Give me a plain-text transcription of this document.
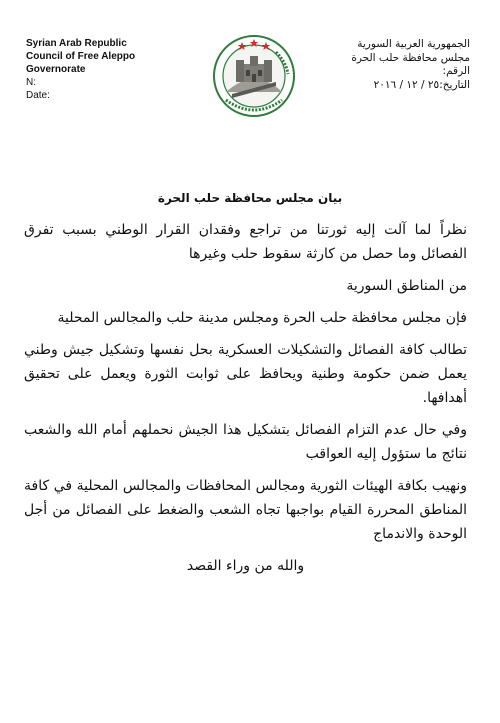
Syrian Arab Republic
Council of Free Aleppo
Governorate
N:
Date:
الجمهورية العربية السورية
مجلس محافظة حلب الحرة
الرقم:
التاريخ:٢٥ / ١٢ / ٢٠١٦
بيان مجلس محافظة حلب الحرة

نظراً لما آلت إليه ثورتنا من تراجع وفقدان القرار الوطني بسبب تفرق الفصائل وما حصل من كارثة سقوط حلب وغيرها

من المناطق السورية

فإن مجلس محافظة حلب الحرة ومجلس مدينة حلب والمجالس المحلية

تطالب كافة الفصائل والتشكيلات العسكرية بحل نفسها وتشكيل جيش وطني يعمل ضمن حكومة وطنية ويحافظ على ثوابت الثورة ويعمل على تحقيق أهدافها.

وفي حال عدم التزام الفصائل بتشكيل هذا الجيش نحملهم أمام الله والشعب نتائج ما ستؤول إليه العواقب

ونهيب بكافة الهيئات الثورية ومجالس المحافظات والمجالس المحلية في كافة المناطق المحررة القيام بواجبها تجاه الشعب والضغط على الفصائل من أجل الوحدة والاندماج

والله من وراء القصد
